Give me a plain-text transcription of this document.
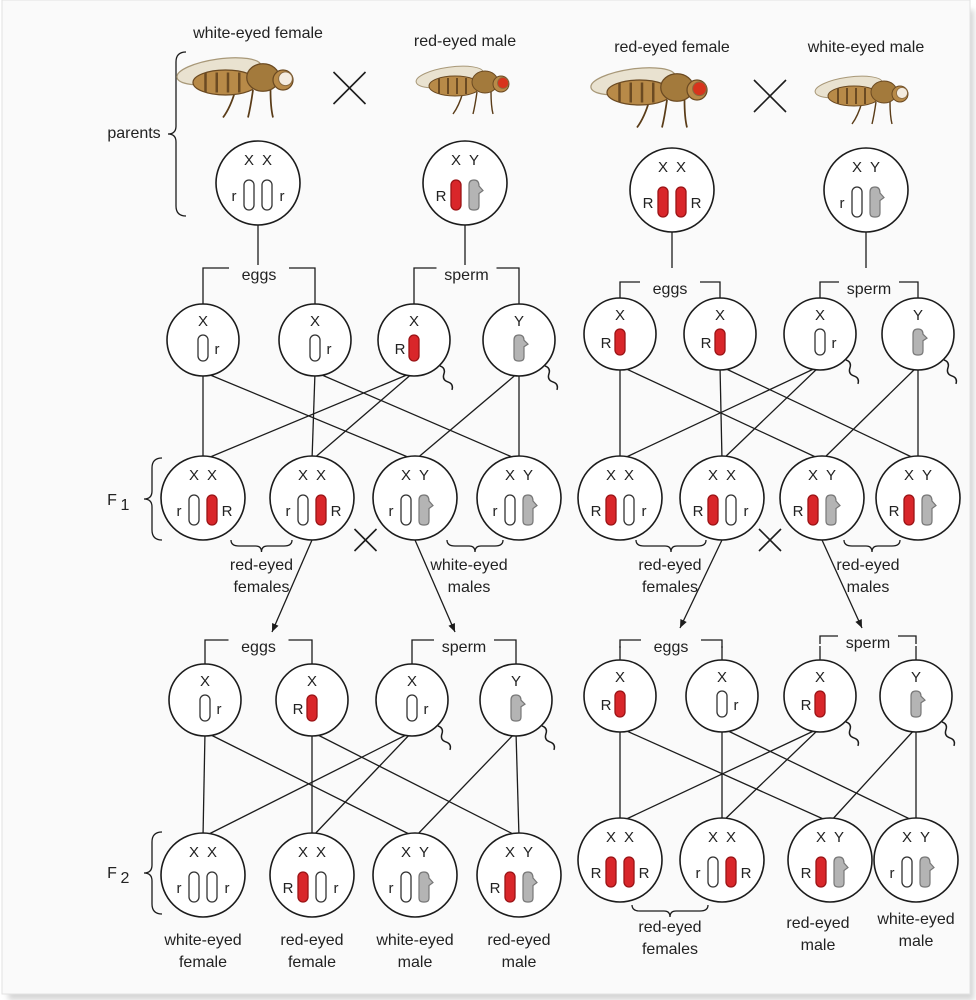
X
r
X
r
X
R
Y
X
r
X
r
X
R
Y
X
r
X
R
X
r
X
R
X
r
Y	X
r
Y
X
r
X
R
X
r
Y
X
r
X
r
X
R
X
r
X
r
Y	X
R
Y
X
R
X
R
X
r
Y
X
R
X
R
X
r
Y
X
R
X
r
X
R
X
r
X
R
Y	X
R
Y
X
R
X
r
X
R
Y
X
R
X
R
X
r
X
R
X
R
Y	X
r
Y
white-eyed female	red-eyed male
eggs	sperm
red-eyed
females
white-eyed
males
eggs	sperm
white-eyed
female
red-eyed
female
white-eyed
male
red-eyed
male
red-eyed female	white-eyed male
eggs	sperm
red-eyed
females
red-eyed
males
eggs	sperm
red-eyed
females
red-eyed
male
white-eyed
male
parents
F 1
F 2
